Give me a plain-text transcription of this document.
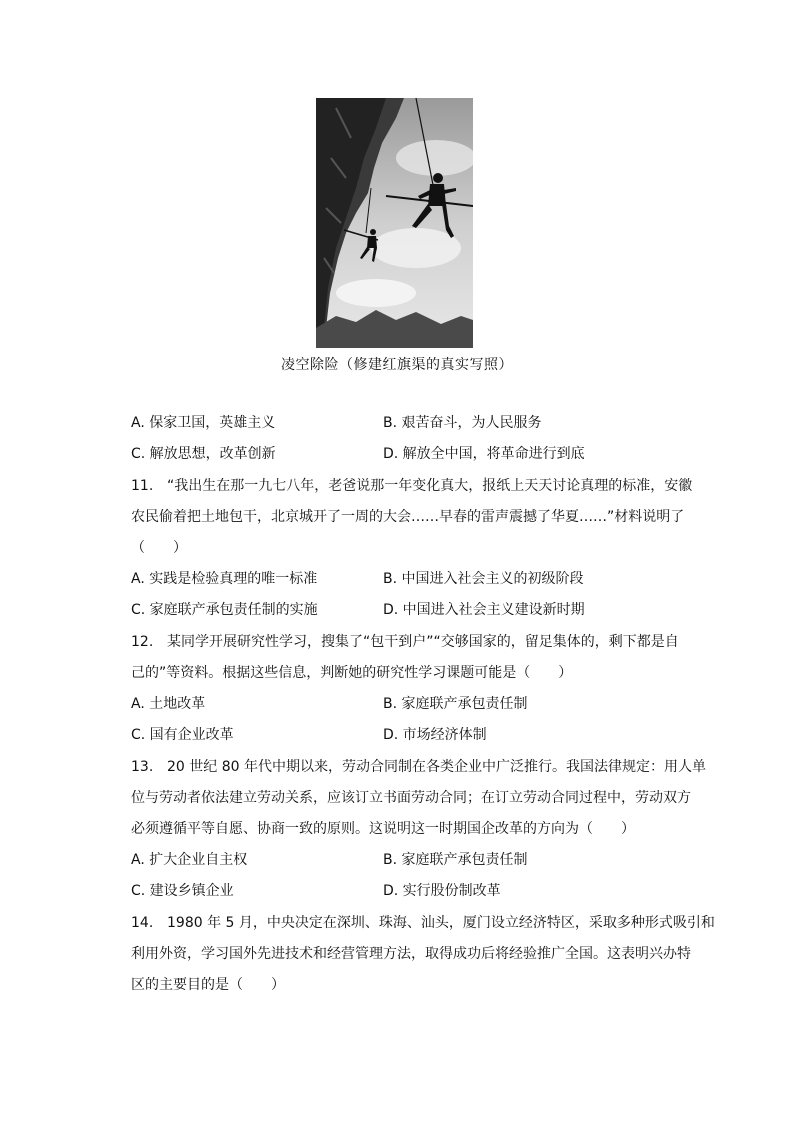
凌空除险（修建红旗渠的真实写照）
A. 保家卫国，英雄主义	B. 艰苦奋斗，为人民服务
C. 解放思想，改革创新	D. 解放全中国，将革命进行到底
11. “我出生在那一九七八年，老爸说那一年变化真大，报纸上天天讨论真理的标准，安徽
农民偷着把土地包干，北京城开了一周的大会……早春的雷声震撼了华夏……”材料说明了
（　　）
A. 实践是检验真理的唯一标准	B. 中国进入社会主义的初级阶段
C. 家庭联产承包责任制的实施	D. 中国进入社会主义建设新时期
12. 某同学开展研究性学习，搜集了“包干到户”“交够国家的，留足集体的，剩下都是自
己的”等资料。根据这些信息，判断她的研究性学习课题可能是（　　）
A. 土地改革	B. 家庭联产承包责任制
C. 国有企业改革	D. 市场经济体制
13. 20 世纪 80 年代中期以来，劳动合同制在各类企业中广泛推行。我国法律规定：用人单
位与劳动者依法建立劳动关系，应该订立书面劳动合同；在订立劳动合同过程中，劳动双方
必须遵循平等自愿、协商一致的原则。这说明这一时期国企改革的方向为（　　）
A. 扩大企业自主权	B. 家庭联产承包责任制
C. 建设乡镇企业	D. 实行股份制改革
14. 1980 年 5 月，中央决定在深圳、珠海、汕头，厦门设立经济特区，采取多种形式吸引和
利用外资，学习国外先进技术和经营管理方法，取得成功后将经验推广全国。这表明兴办特
区的主要目的是（　　）
